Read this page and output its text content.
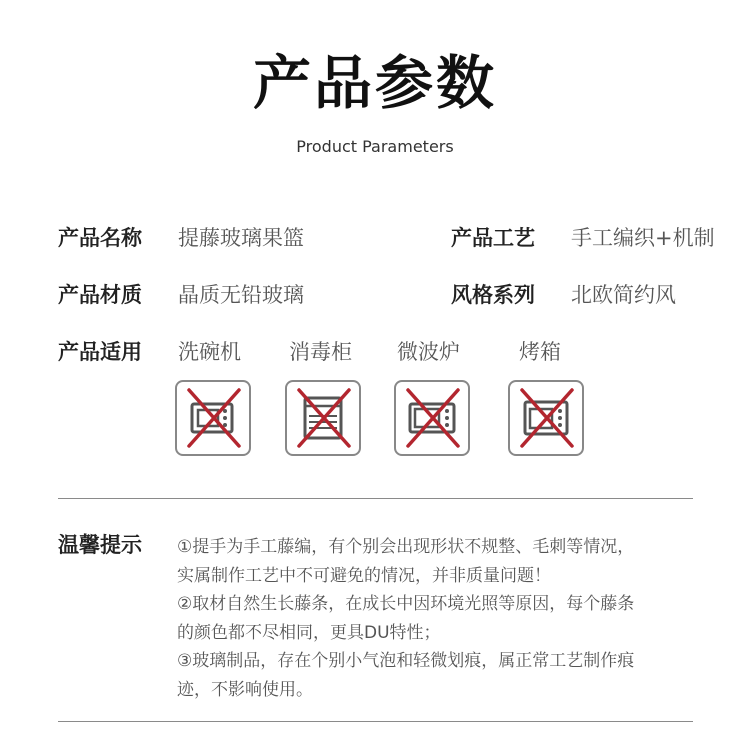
产品参数
Product Parameters
产品名称 提藤玻璃果篮	产品工艺 手工编织+机制
产品材质 晶质无铅玻璃	风格系列 北欧简约风
产品适用 洗碗机 消毒柜 微波炉	烤箱
温馨提示 ①提手为手工藤编，有个别会出现形状不规整、毛刺等情况，

实属制作工艺中不可避免的情况，并非质量问题！

②取材自然生长藤条，在成长中因环境光照等原因，每个藤条

的颜色都不尽相同，更具DU特性；

③玻璃制品，存在个别小气泡和轻微划痕，属正常工艺制作痕

迹，不影响使用。
